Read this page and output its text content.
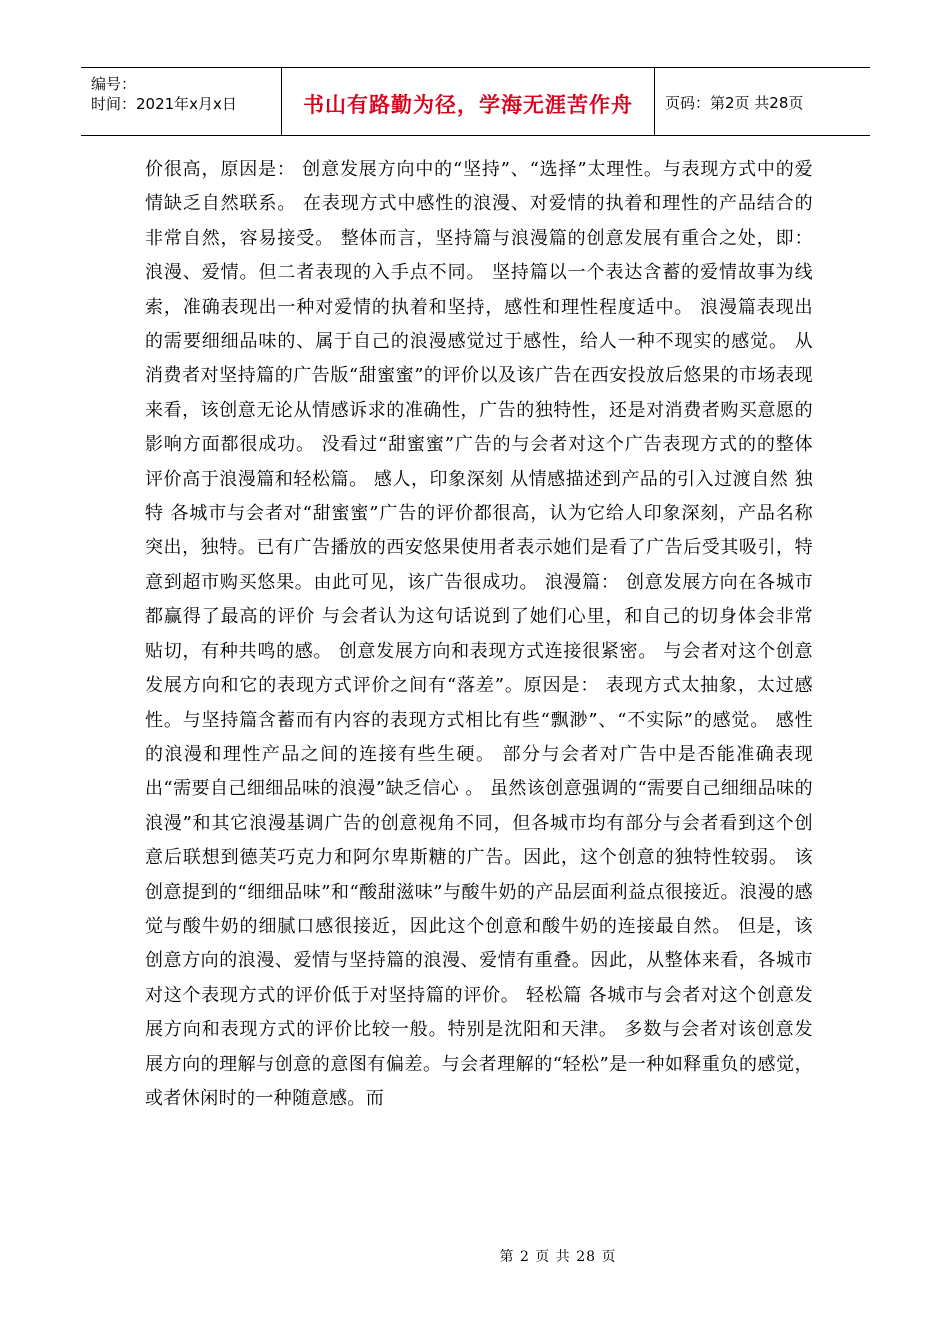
编号：
时间：2021年x月x日	书山有路勤为径，学海无涯苦作舟 页码：第2页 共28页

价很高，原因是： 创意发展方向中的“坚持”、“选择”太理性。与表现方式中的爱情缺乏自然联系。 在表现方式中感性的浪漫、对爱情的执着和理性的产品结合的非常自然，容易接受。 整体而言，坚持篇与浪漫篇的创意发展有重合之处，即：浪漫、爱情。但二者表现的入手点不同。 坚持篇以一个表达含蓄的爱情故事为线索，准确表现出一种对爱情的执着和坚持，感性和理性程度适中。 浪漫篇表现出的需要细细品味的、属于自己的浪漫感觉过于感性，给人一种不现实的感觉。 从消费者对坚持篇的广告版“甜蜜蜜”的评价以及该广告在西安投放后悠果的市场表现来看，该创意无论从情感诉求的准确性，广告的独特性，还是对消费者购买意愿的影响方面都很成功。 没看过“甜蜜蜜”广告的与会者对这个广告表现方式的的整体评价高于浪漫篇和轻松篇。 感人，印象深刻 从情感描述到产品的引入过渡自然 独特 各城市与会者对“甜蜜蜜”广告的评价都很高，认为它给人印象深刻，产品名称突出，独特。已有广告播放的西安悠果使用者表示她们是看了广告后受其吸引，特意到超市购买悠果。由此可见，该广告很成功。 浪漫篇： 创意发展方向在各城市都赢得了最高的评价 与会者认为这句话说到了她们心里，和自己的切身体会非常贴切，有种共鸣的感。 创意发展方向和表现方式连接很紧密。 与会者对这个创意发展方向和它的表现方式评价之间有“落差”。原因是： 表现方式太抽象，太过感性。与坚持篇含蓄而有内容的表现方式相比有些“飘渺”、“不实际”的感觉。 感性的浪漫和理性产品之间的连接有些生硬。 部分与会者对广告中是否能准确表现出“需要自己细细品味的浪漫”缺乏信心 。 虽然该创意强调的“需要自己细细品味的浪漫”和其它浪漫基调广告的创意视角不同，但各城市均有部分与会者看到这个创意后联想到德芙巧克力和阿尔卑斯糖的广告。因此，这个创意的独特性较弱。 该创意提到的“细细品味”和“酸甜滋味”与酸牛奶的产品层面利益点很接近。浪漫的感觉与酸牛奶的细腻口感很接近，因此这个创意和酸牛奶的连接最自然。 但是，该创意方向的浪漫、爱情与坚持篇的浪漫、爱情有重叠。因此，从整体来看，各城市对这个表现方式的评价低于对坚持篇的评价。 轻松篇 各城市与会者对这个创意发展方向和表现方式的评价比较一般。特别是沈阳和天津。 多数与会者对该创意发展方向的理解与创意的意图有偏差。与会者理解的“轻松”是一种如释重负的感觉，或者休闲时的一种随意感。而

第 2 页 共 28 页
